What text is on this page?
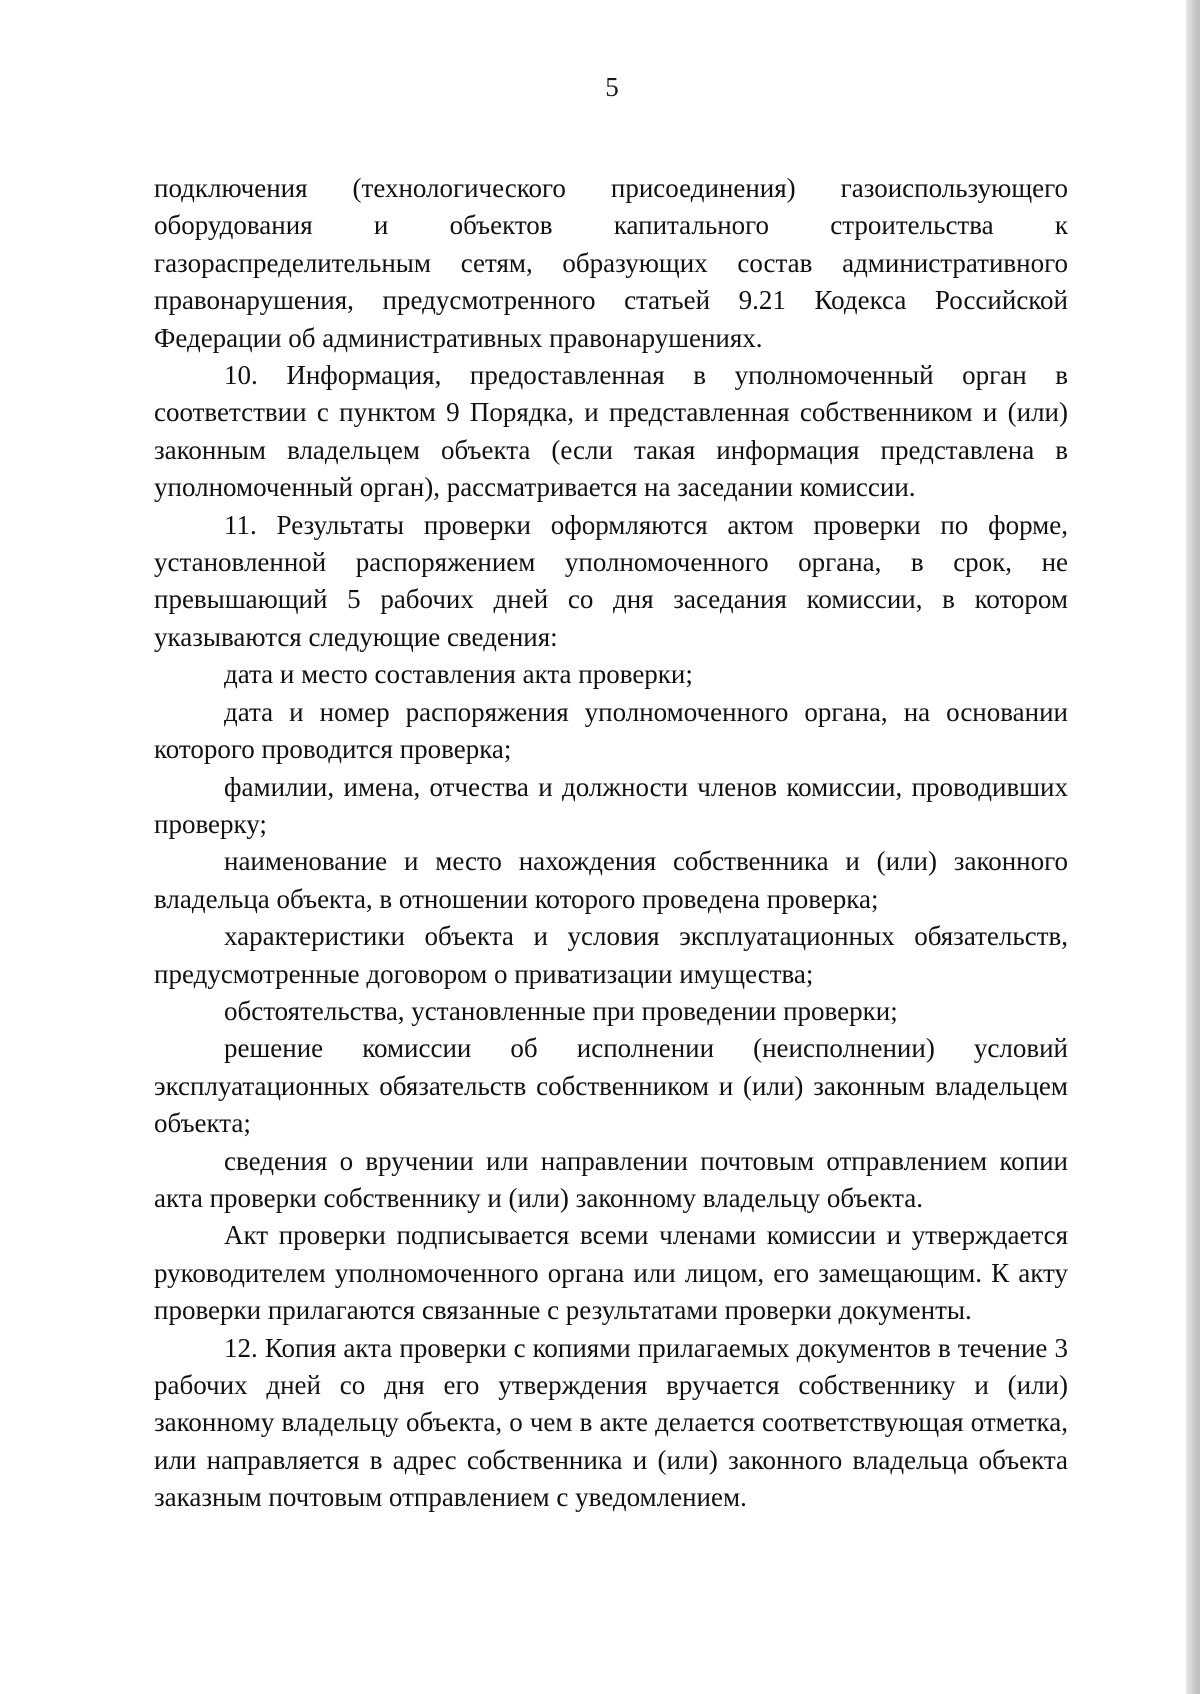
5

подключения (технологического присоединения) газоиспользующего оборудования и объектов капитального строительства к газораспределительным сетям, образующих состав административного правонарушения, предусмотренного статьей 9.21 Кодекса Российской Федерации об административных правонарушениях.

10. Информация, предоставленная в уполномоченный орган в соответствии с пунктом 9 Порядка, и представленная собственником и (или) законным владельцем объекта (если такая информация представлена в уполномоченный орган), рассматривается на заседании комиссии.

11. Результаты проверки оформляются актом проверки по форме, установленной распоряжением уполномоченного органа, в срок, не превышающий 5 рабочих дней со дня заседания комиссии, в котором указываются следующие сведения:

дата и место составления акта проверки;

дата и номер распоряжения уполномоченного органа, на основании которого проводится проверка;

фамилии, имена, отчества и должности членов комиссии, проводивших проверку;

наименование и место нахождения собственника и (или) законного владельца объекта, в отношении которого проведена проверка;

характеристики объекта и условия эксплуатационных обязательств, предусмотренные договором о приватизации имущества;

обстоятельства, установленные при проведении проверки;

решение комиссии об исполнении (неисполнении) условий эксплуатационных обязательств собственником и (или) законным владельцем объекта;

сведения о вручении или направлении почтовым отправлением копии акта проверки собственнику и (или) законному владельцу объекта.

Акт проверки подписывается всеми членами комиссии и утверждается руководителем уполномоченного органа или лицом, его замещающим. К акту проверки прилагаются связанные с результатами проверки документы.

12. Копия акта проверки с копиями прилагаемых документов в течение 3 рабочих дней со дня его утверждения вручается собственнику и (или) законному владельцу объекта, о чем в акте делается соответствующая отметка, или направляется в адрес собственника и (или) законного владельца объекта заказным почтовым отправлением с уведомлением.
